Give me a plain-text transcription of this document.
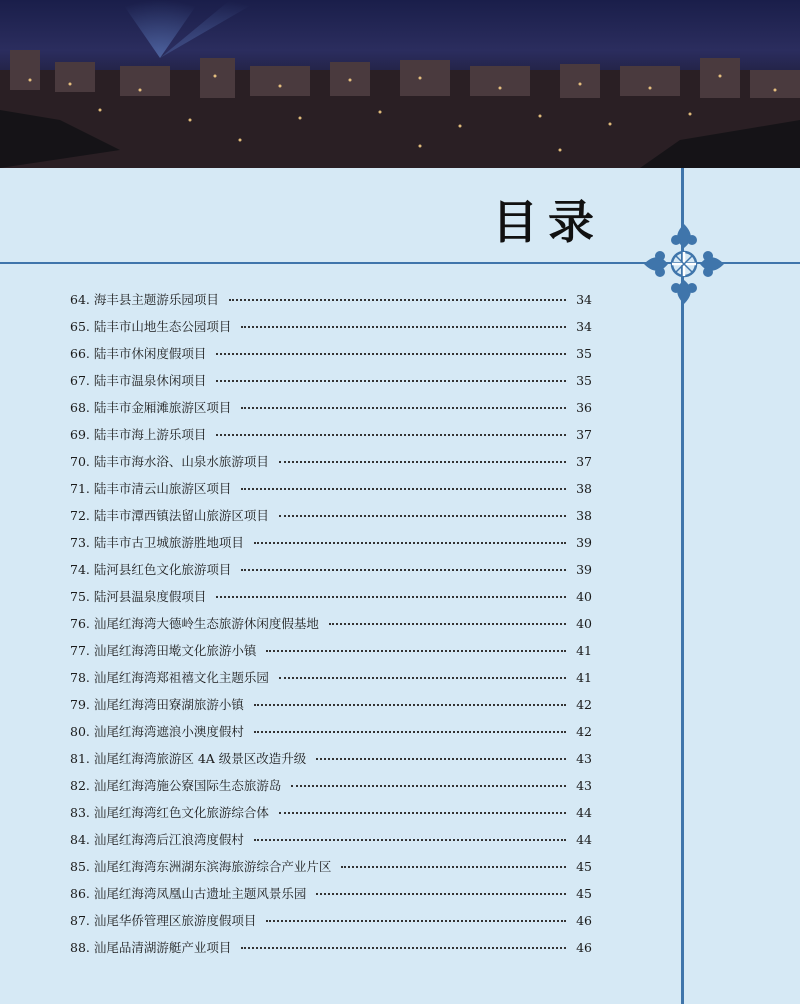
目录
64. 海丰县主题游乐园项目	34
65. 陆丰市山地生态公园项目	34
66. 陆丰市休闲度假项目	35
67. 陆丰市温泉休闲项目	35
68. 陆丰市金厢滩旅游区项目	36
69. 陆丰市海上游乐项目	37
70. 陆丰市海水浴、山泉水旅游项目	37
71. 陆丰市清云山旅游区项目	38
72. 陆丰市潭西镇法留山旅游区项目	38
73. 陆丰市古卫城旅游胜地项目	39
74. 陆河县红色文化旅游项目	39
75. 陆河县温泉度假项目	40
76. 汕尾红海湾大德岭生态旅游休闲度假基地	40
77. 汕尾红海湾田墘文化旅游小镇	41
78. 汕尾红海湾郑祖禧文化主题乐园	41
79. 汕尾红海湾田寮湖旅游小镇	42
80. 汕尾红海湾遮浪小澳度假村	42
81. 汕尾红海湾旅游区 4A 级景区改造升级	43
82. 汕尾红海湾施公寮国际生态旅游岛	43
83. 汕尾红海湾红色文化旅游综合体	44
84. 汕尾红海湾后江浪湾度假村	44
85. 汕尾红海湾东洲湖东滨海旅游综合产业片区	45
86. 汕尾红海湾凤凰山古遗址主题风景乐园	45
87. 汕尾华侨管理区旅游度假项目	46
88. 汕尾品清湖游艇产业项目	46
